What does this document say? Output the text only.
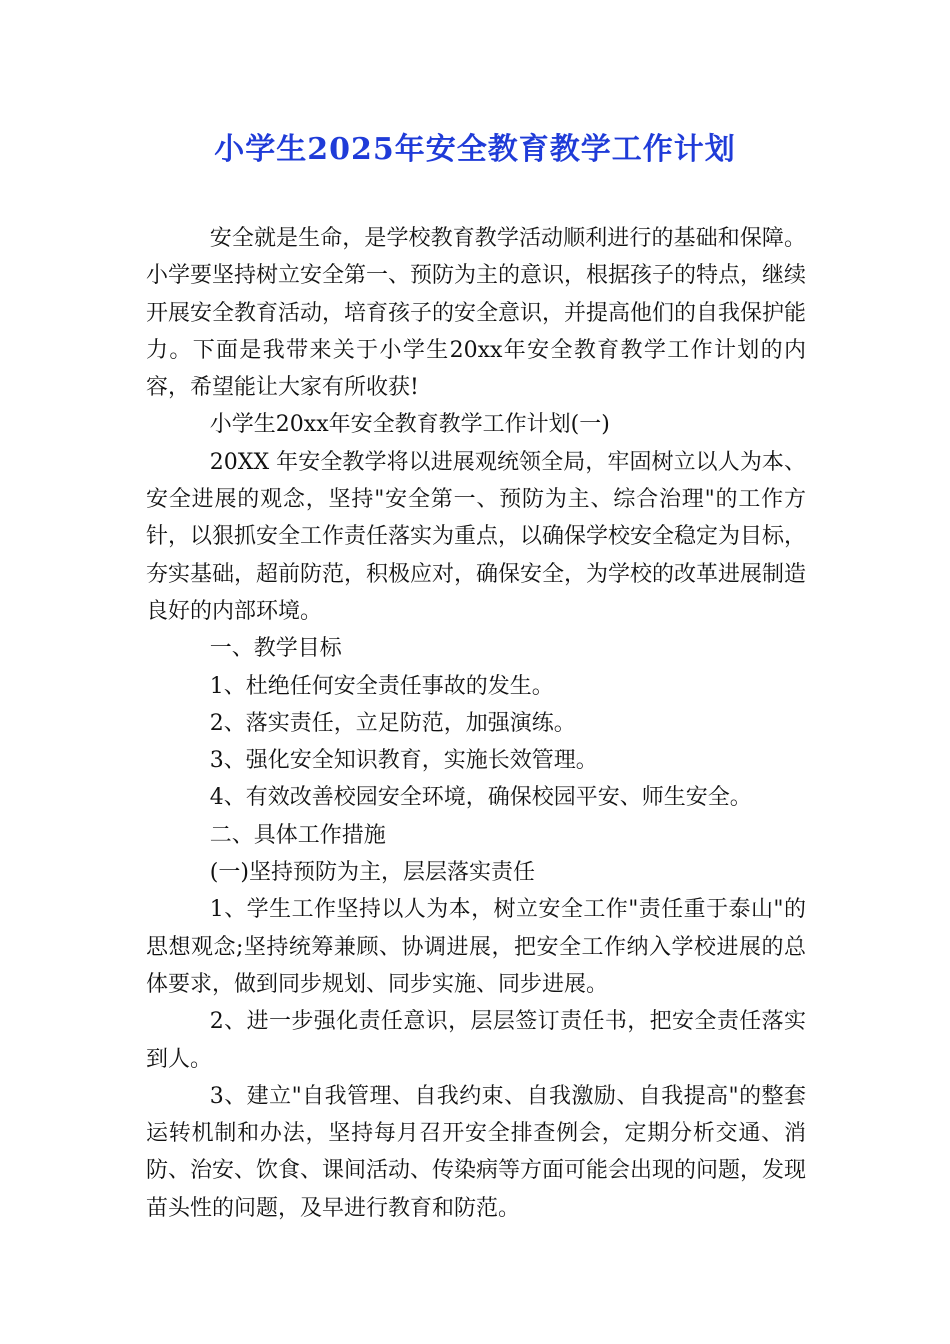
小学生2025年安全教育教学工作计划

安全就是生命，是学校教育教学活动顺利进行的基础和保障。小学要坚持树立安全第一、预防为主的意识，根据孩子的特点，继续开展安全教育活动，培育孩子的安全意识，并提高他们的自我保护能力。下面是我带来关于小学生20xx年安全教育教学工作计划的内容，希望能让大家有所收获!

小学生20xx年安全教育教学工作计划(一)

20XX 年安全教学将以进展观统领全局，牢固树立以人为本、安全进展的观念，坚持"安全第一、预防为主、综合治理"的工作方针，以狠抓安全工作责任落实为重点，以确保学校安全稳定为目标，夯实基础，超前防范，积极应对，确保安全，为学校的改革进展制造良好的内部环境。

一、教学目标

1、杜绝任何安全责任事故的发生。

2、落实责任，立足防范，加强演练。

3、强化安全知识教育，实施长效管理。

4、有效改善校园安全环境，确保校园平安、师生安全。

二、具体工作措施

(一)坚持预防为主，层层落实责任

1、学生工作坚持以人为本，树立安全工作"责任重于泰山"的思想观念;坚持统筹兼顾、协调进展，把安全工作纳入学校进展的总体要求，做到同步规划、同步实施、同步进展。

2、进一步强化责任意识，层层签订责任书，把安全责任落实到人。

3、建立"自我管理、自我约束、自我激励、自我提高"的整套运转机制和办法，坚持每月召开安全排查例会，定期分析交通、消防、治安、饮食、课间活动、传染病等方面可能会出现的问题，发现苗头性的问题，及早进行教育和防范。
